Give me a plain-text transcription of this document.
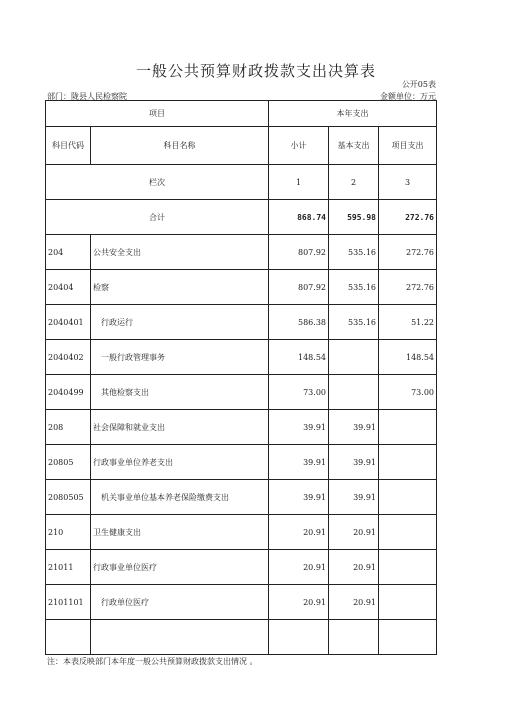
一般公共预算财政拨款支出决算表
公开05表
部门：陇县人民检察院	金额单位：万元
项目		本年支出		
科目代码	科目名称	小计	基本支出	项目支出
栏次		1	2	3
合计		868.74	595.98	272.76
204	公共安全支出	807.92	535.16	272.76
20404	检察	807.92	535.16	272.76
2040401	行政运行	586.38	535.16	51.22
2040402	一般行政管理事务	148.54		148.54
2040499	其他检察支出	73.00		73.00
208	社会保障和就业支出	39.91	39.91	
20805	行政事业单位养老支出	39.91	39.91	
2080505	机关事业单位基本养老保险缴费支出	39.91	39.91	
210	卫生健康支出	20.91	20.91	
21011	行政事业单位医疗	20.91	20.91	
2101101	行政单位医疗	20.91	20.91	

注：本表反映部门本年度一般公共预算财政拨款支出情况 。
